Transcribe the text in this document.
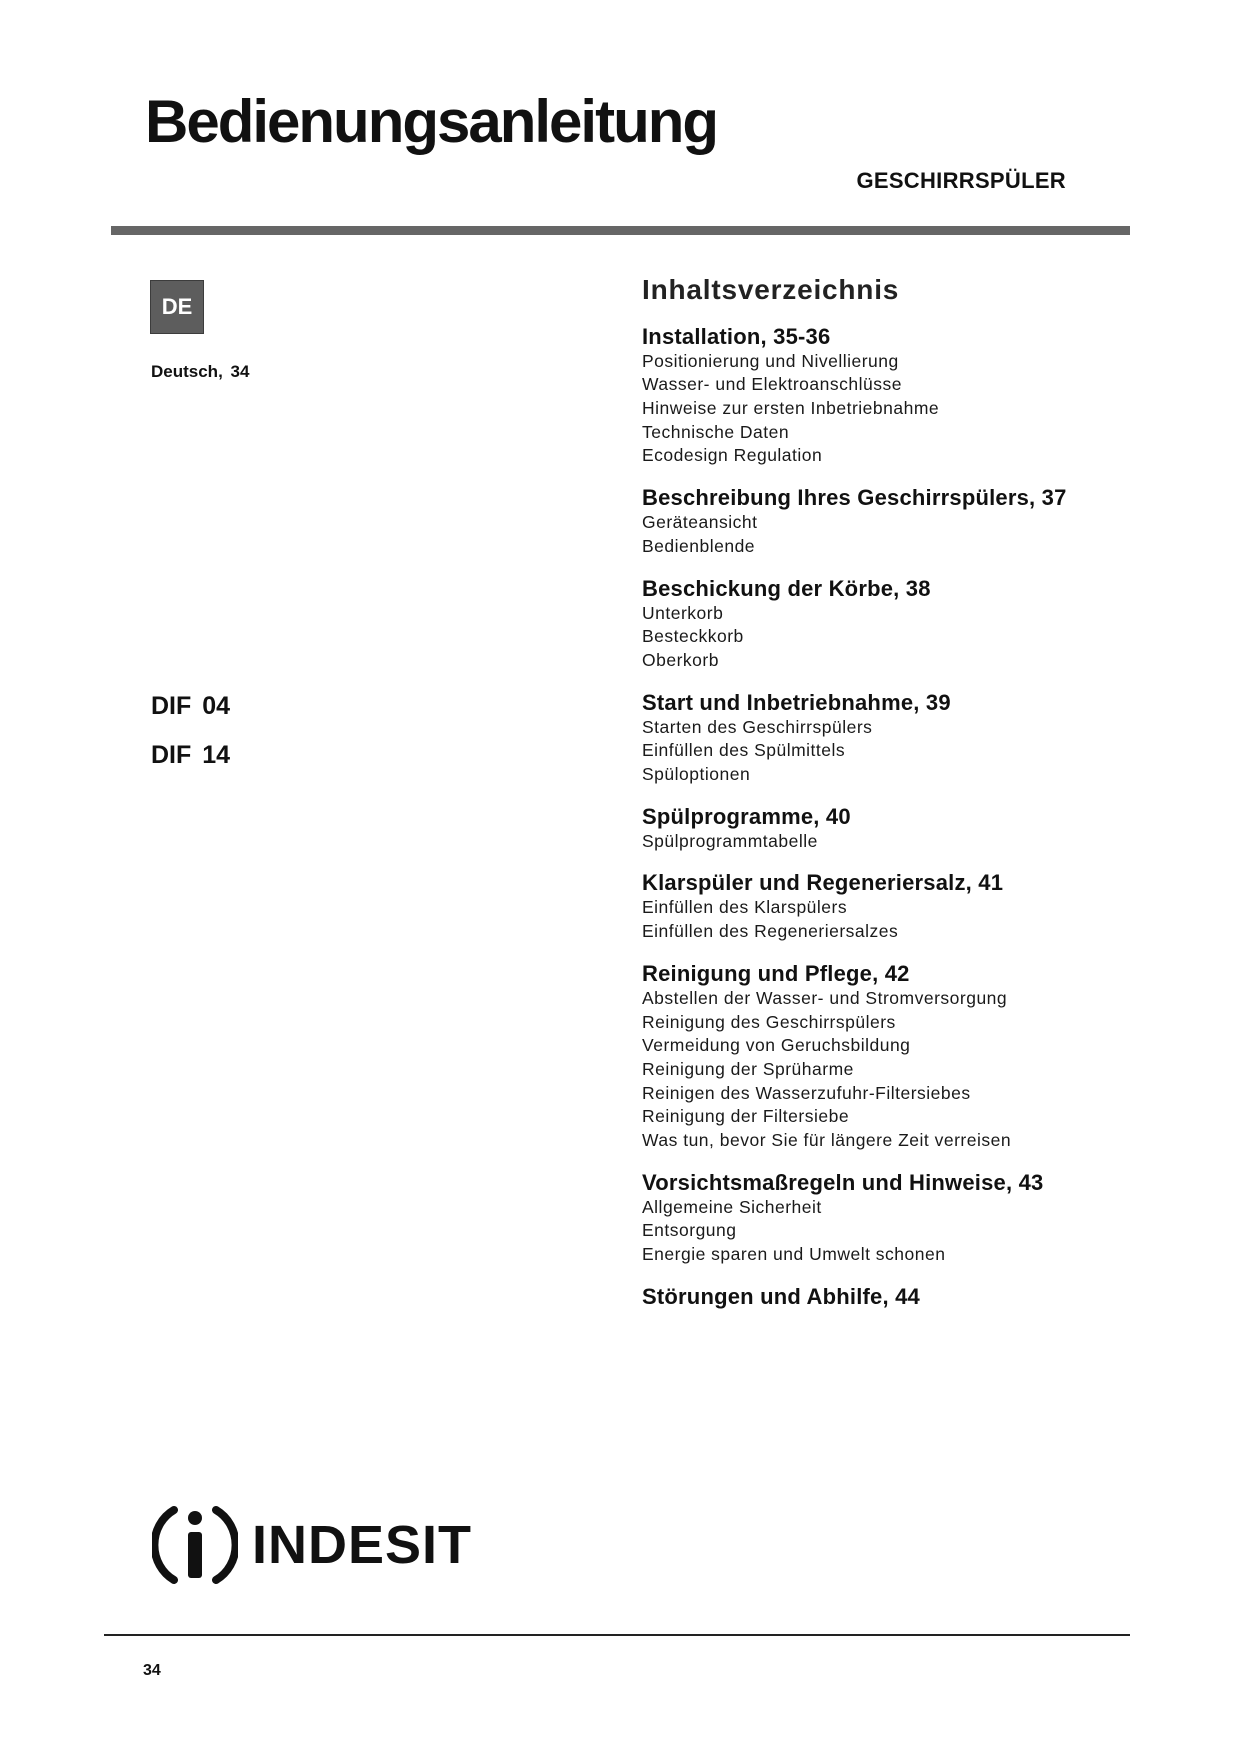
Bedienungsanleitung
GESCHIRRSPÜLER
DE
Deutsch, 34
DIF 04
DIF 14
Inhaltsverzeichnis
Installation, 35-36
Positionierung und Nivellierung
Wasser- und Elektroanschlüsse
Hinweise zur ersten Inbetriebnahme
Technische Daten
Ecodesign Regulation
Beschreibung Ihres Geschirrspülers, 37
Geräteansicht
Bedienblende
Beschickung der Körbe, 38
Unterkorb
Besteckkorb
Oberkorb
Start und Inbetriebnahme, 39
Starten des Geschirrspülers
Einfüllen des Spülmittels
Spüloptionen
Spülprogramme, 40
Spülprogrammtabelle
Klarspüler und Regeneriersalz, 41
Einfüllen des Klarspülers
Einfüllen des Regeneriersalzes
Reinigung und Pflege, 42
Abstellen der Wasser- und Stromversorgung
Reinigung des Geschirrspülers
Vermeidung von Geruchsbildung
Reinigung der Sprüharme
Reinigen des Wasserzufuhr-Filtersiebes
Reinigung der Filtersiebe
Was tun, bevor Sie für längere Zeit verreisen
Vorsichtsmaßregeln und Hinweise, 43
Allgemeine Sicherheit
Entsorgung
Energie sparen und Umwelt schonen
Störungen und Abhilfe, 44
INDESIT
34
